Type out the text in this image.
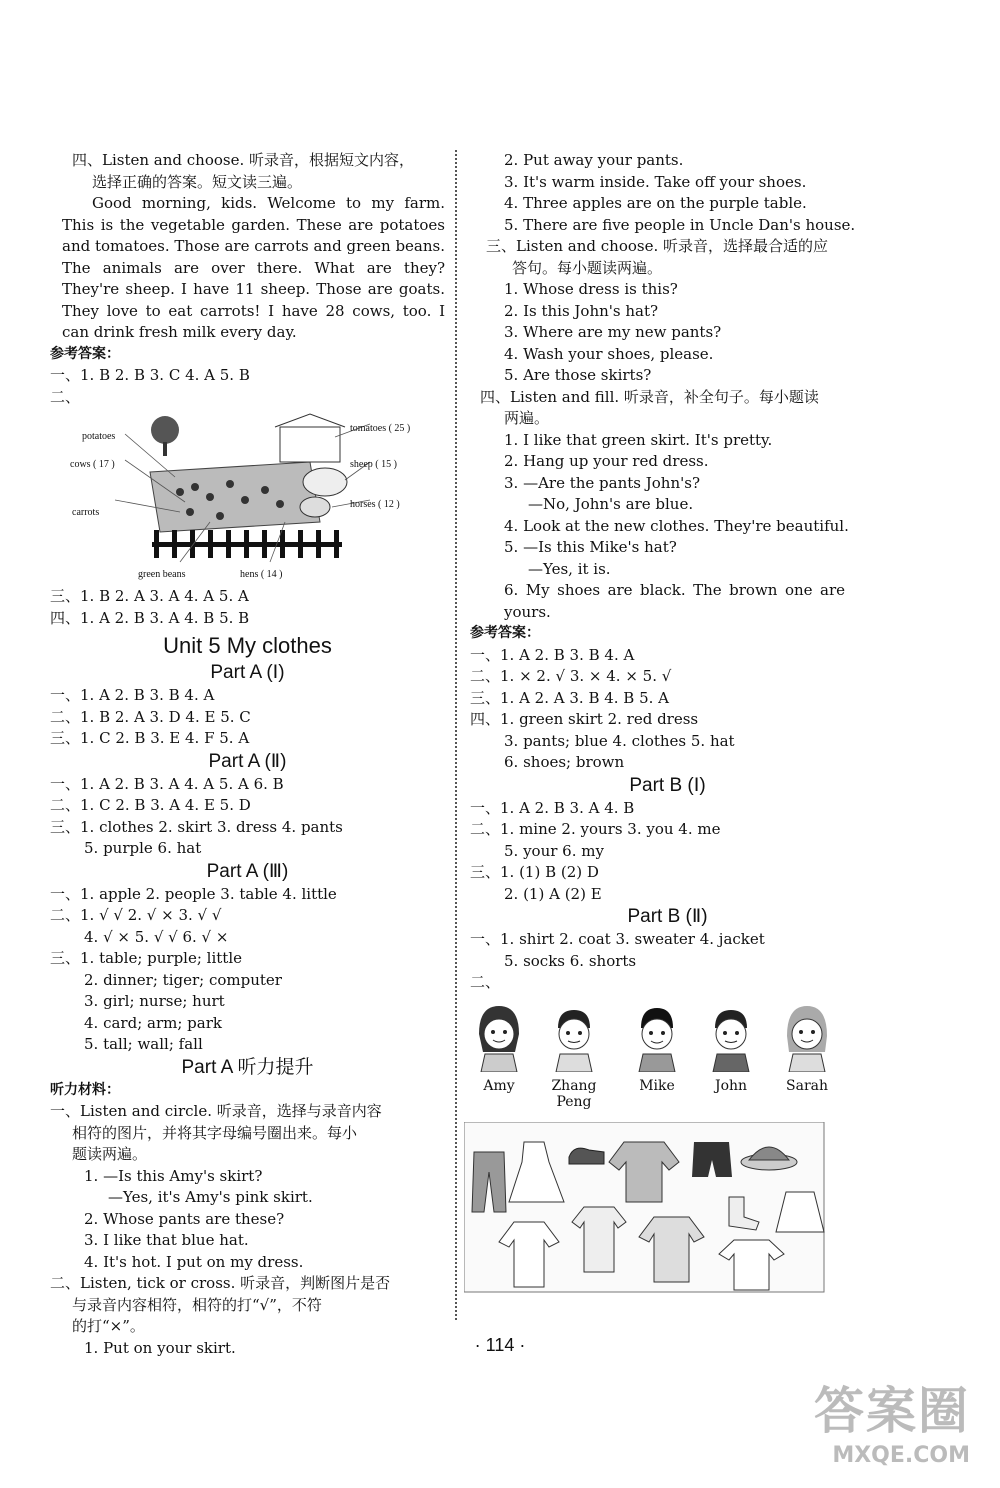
四、Listen and choose. 听录音，根据短文内容，

选择正确的答案。短文读三遍。

Good morning, kids. Welcome to my farm. This is the vegetable garden. These are potatoes and tomatoes. Those are carrots and green beans. The animals are over there. What are they? They're sheep. I have 11 sheep. Those are goats. They love to eat carrots! I have 28 cows, too. I can drink fresh milk every day.

参考答案：

一、1. B 2. B 3. C 4. A 5. B

二、

potatoes
cows ( 17 )
carrots
green beans	hens ( 14 )
tomatoes ( 25 )
sheep ( 15 )
horses ( 12 )

三、1. B 2. A 3. A 4. A 5. A

四、1. A 2. B 3. A 4. B 5. B

Unit 5 My clothes

Part A (Ⅰ)

一、1. A 2. B 3. B 4. A

二、1. B 2. A 3. D 4. E 5. C

三、1. C 2. B 3. E 4. F 5. A

Part A (Ⅱ)

一、1. A 2. B 3. A 4. A 5. A 6. B

二、1. C 2. B 3. A 4. E 5. D

三、1. clothes 2. skirt 3. dress 4. pants

5. purple 6. hat

Part A (Ⅲ)

一、1. apple 2. people 3. table 4. little

二、1. √ √ 2. √ × 3. √ √

4. √ × 5. √ √ 6. √ ×

三、1. table; purple; little

2. dinner; tiger; computer

3. girl; nurse; hurt

4. card; arm; park

5. tall; wall; fall

Part A 听力提升

听力材料：

一、Listen and circle. 听录音，选择与录音内容

相符的图片，并将其字母编号圈出来。每小

题读两遍。

1. —Is this Amy's skirt?

—Yes, it's Amy's pink skirt.

2. Whose pants are these?

3. I like that blue hat.

4. It's hot. I put on my dress.

二、Listen, tick or cross. 听录音，判断图片是否

与录音内容相符，相符的打“√”，不符

的打“×”。

1. Put on your skirt.

2. Put away your pants.

3. It's warm inside. Take off your shoes.

4. Three apples are on the purple table.

5. There are five people in Uncle Dan's house.

三、Listen and choose. 听录音，选择最合适的应

答句。每小题读两遍。

1. Whose dress is this?

2. Is this John's hat?

3. Where are my new pants?

4. Wash your shoes, please.

5. Are those skirts?

四、Listen and fill. 听录音，补全句子。每小题读

两遍。

1. I like that green skirt. It's pretty.

2. Hang up your red dress.

3. —Are the pants John's?

—No, John's are blue.

4. Look at the new clothes. They're beautiful.

5. —Is this Mike's hat?

—Yes, it is.

6. My shoes are black. The brown one are yours.

参考答案：

一、1. A 2. B 3. B 4. A

二、1. × 2. √ 3. × 4. × 5. √

三、1. A 2. A 3. B 4. B 5. A

四、1. green skirt 2. red dress

3. pants; blue 4. clothes 5. hat

6. shoes; brown

Part B (Ⅰ)

一、1. A 2. B 3. A 4. B

二、1. mine 2. yours 3. you 4. me

5. your 6. my

三、1. (1) B (2) D

2. (1) A (2) E

Part B (Ⅱ)

一、1. shirt 2. coat 3. sweater 4. jacket

5. socks 6. shorts

二、

Amy	Zhang Peng
Mike	John	Sarah
· 114 ·
答案圈
MXQE.COM
